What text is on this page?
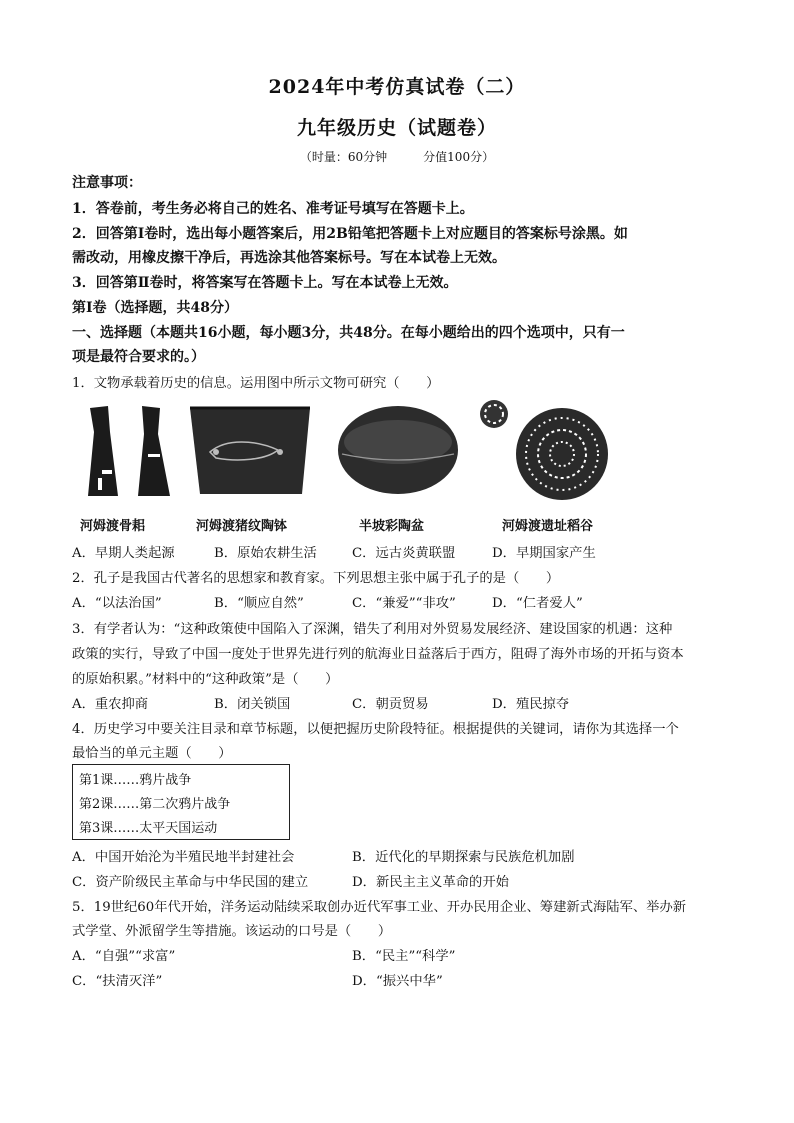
2024年中考仿真试卷（二）
九年级历史（试题卷）
（时量：60分钟　　　分值100分）
注意事项：
1．答卷前，考生务必将自己的姓名、准考证号填写在答题卡上。
2．回答第Ⅰ卷时，选出每小题答案后，用2B铅笔把答题卡上对应题目的答案标号涂黑。如
需改动，用橡皮擦干净后，再选涂其他答案标号。写在本试卷上无效。
3．回答第Ⅱ卷时，将答案写在答题卡上。写在本试卷上无效。
第Ⅰ卷（选择题，共48分）
一、选择题（本题共16小题，每小题3分，共48分。在每小题给出的四个选项中，只有一
项是最符合要求的。）
1．文物承载着历史的信息。运用图中所示文物可研究（　　）
河姆渡骨耜	河姆渡猪纹陶钵	半坡彩陶盆	河姆渡遗址稻谷
A．早期人类起源	B．原始农耕生活	C．远古炎黄联盟	D．早期国家产生
2．孔子是我国古代著名的思想家和教育家。下列思想主张中属于孔子的是（　　）
A．“以法治国”	B．“顺应自然”	C．“兼爱”“非攻”	D．“仁者爱人”
3．有学者认为：“这种政策使中国陷入了深渊，错失了利用对外贸易发展经济、建设国家的机遇：这种
政策的实行，导致了中国一度处于世界先进行列的航海业日益落后于西方，阻碍了海外市场的开拓与资本
的原始积累。”材料中的“这种政策”是（　　）
A．重农抑商	B．闭关锁国	C．朝贡贸易	D．殖民掠夺
4．历史学习中要关注目录和章节标题，以便把握历史阶段特征。根据提供的关键词，请你为其选择一个
最恰当的单元主题（　　）
第1课……鸦片战争
第2课……第二次鸦片战争
第3课……太平天国运动
A．中国开始沦为半殖民地半封建社会	B．近代化的早期探索与民族危机加剧
C．资产阶级民主革命与中华民国的建立	D．新民主主义革命的开始
5．19世纪60年代开始，洋务运动陆续采取创办近代军事工业、开办民用企业、筹建新式海陆军、举办新
式学堂、外派留学生等措施。该运动的口号是（　　）
A．“自强”“求富”	B．“民主”“科学”
C．“扶清灭洋”	D．“振兴中华”
